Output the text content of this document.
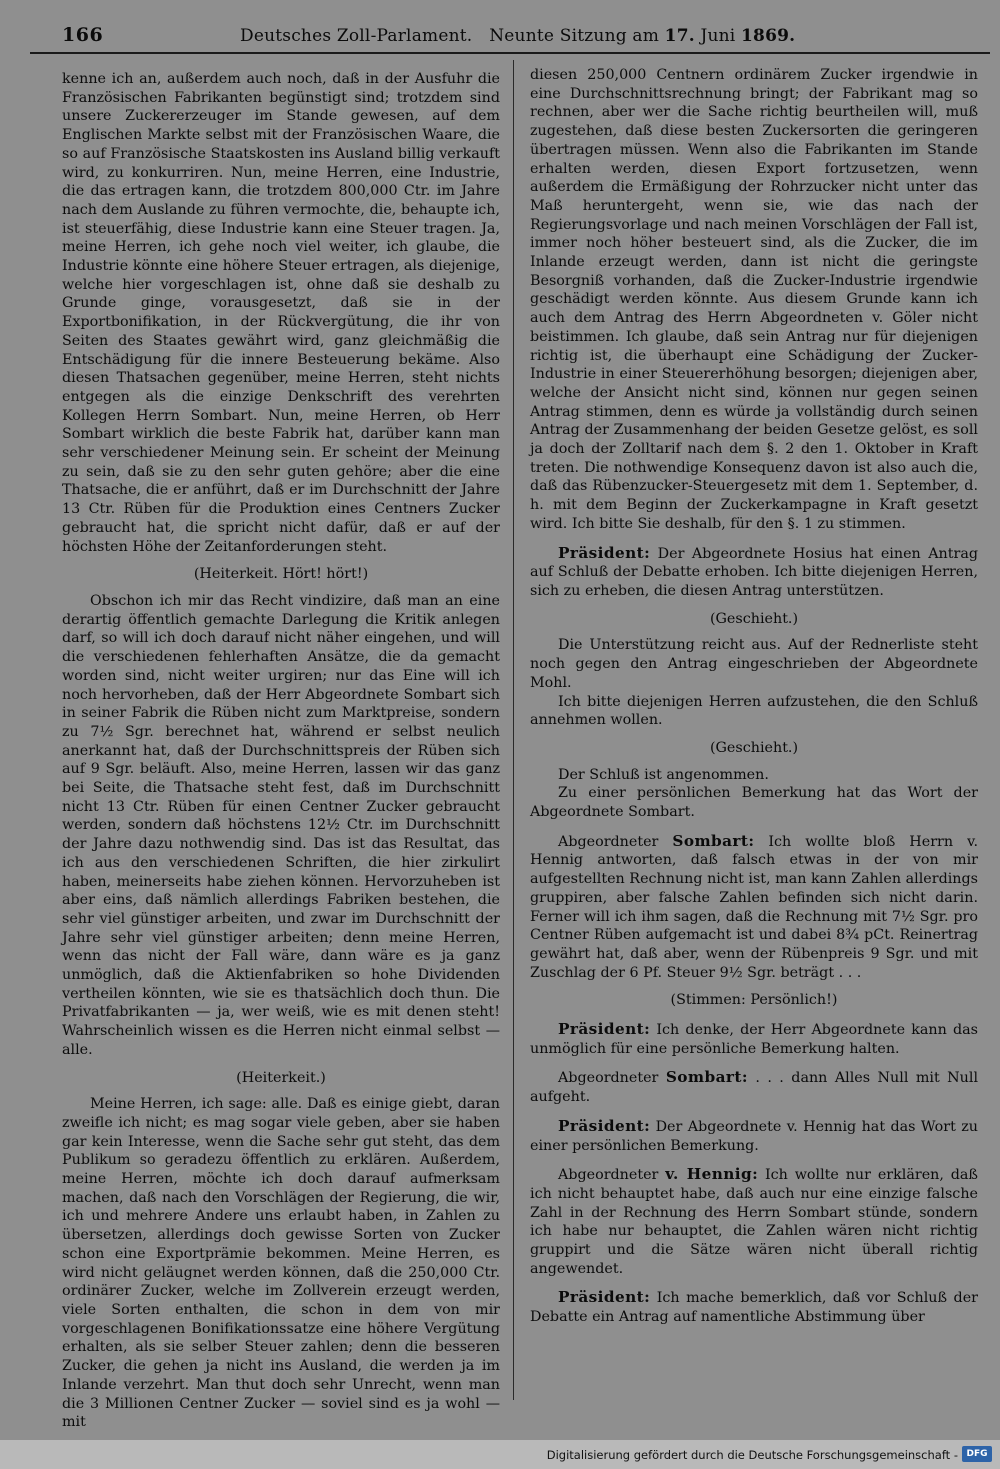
166	Deutsches Zoll-Parlament. Neunte Sitzung am 17. Juni 1869.

kenne ich an, außerdem auch noch, daß in der Ausfuhr die Französischen Fabrikanten begünstigt sind; trotzdem sind unsere Zuckererzeuger im Stande gewesen, auf dem Englischen Markte selbst mit der Französischen Waare, die so auf Französische Staatskosten ins Ausland billig verkauft wird, zu konkurriren. Nun, meine Herren, eine Industrie, die das ertragen kann, die trotzdem 800,000 Ctr. im Jahre nach dem Auslande zu führen vermochte, die, behaupte ich, ist steuerfähig, diese Industrie kann eine Steuer tragen. Ja, meine Herren, ich gehe noch viel weiter, ich glaube, die Industrie könnte eine höhere Steuer ertragen, als diejenige, welche hier vorgeschlagen ist, ohne daß sie deshalb zu Grunde ginge, vorausgesetzt, daß sie in der Exportbonifikation, in der Rückvergütung, die ihr von Seiten des Staates gewährt wird, ganz gleichmäßig die Entschädigung für die innere Besteuerung bekäme. Also diesen Thatsachen gegenüber, meine Herren, steht nichts entgegen als die einzige Denkschrift des verehrten Kollegen Herrn Sombart. Nun, meine Herren, ob Herr Sombart wirklich die beste Fabrik hat, darüber kann man sehr verschiedener Meinung sein. Er scheint der Meinung zu sein, daß sie zu den sehr guten gehöre; aber die eine Thatsache, die er anführt, daß er im Durchschnitt der Jahre 13 Ctr. Rüben für die Produktion eines Centners Zucker gebraucht hat, die spricht nicht dafür, daß er auf der höchsten Höhe der Zeitanforderungen steht.

(Heiterkeit. Hört! hört!)

Obschon ich mir das Recht vindizire, daß man an eine derartig öffentlich gemachte Darlegung die Kritik anlegen darf, so will ich doch darauf nicht näher eingehen, und will die verschiedenen fehlerhaften Ansätze, die da gemacht worden sind, nicht weiter urgiren; nur das Eine will ich noch hervorheben, daß der Herr Abgeordnete Sombart sich in seiner Fabrik die Rüben nicht zum Marktpreise, sondern zu 7½ Sgr. berechnet hat, während er selbst neulich anerkannt hat, daß der Durchschnittspreis der Rüben sich auf 9 Sgr. beläuft. Also, meine Herren, lassen wir das ganz bei Seite, die Thatsache steht fest, daß im Durchschnitt nicht 13 Ctr. Rüben für einen Centner Zucker gebraucht werden, sondern daß höchstens 12½ Ctr. im Durchschnitt der Jahre dazu nothwendig sind. Das ist das Resultat, das ich aus den verschiedenen Schriften, die hier zirkulirt haben, meinerseits habe ziehen können. Hervorzuheben ist aber eins, daß nämlich allerdings Fabriken bestehen, die sehr viel günstiger arbeiten, und zwar im Durchschnitt der Jahre sehr viel günstiger arbeiten; denn meine Herren, wenn das nicht der Fall wäre, dann wäre es ja ganz unmöglich, daß die Aktienfabriken so hohe Dividenden vertheilen könnten, wie sie es thatsächlich doch thun. Die Privatfabrikanten — ja, wer weiß, wie es mit denen steht! Wahrscheinlich wissen es die Herren nicht einmal selbst — alle.

(Heiterkeit.)

Meine Herren, ich sage: alle. Daß es einige giebt, daran zweifle ich nicht; es mag sogar viele geben, aber sie haben gar kein Interesse, wenn die Sache sehr gut steht, das dem Publikum so geradezu öffentlich zu erklären. Außerdem, meine Herren, möchte ich doch darauf aufmerksam machen, daß nach den Vorschlägen der Regierung, die wir, ich und mehrere Andere uns erlaubt haben, in Zahlen zu übersetzen, allerdings doch gewisse Sorten von Zucker schon eine Exportprämie bekommen. Meine Herren, es wird nicht geläugnet werden können, daß die 250,000 Ctr. ordinärer Zucker, welche im Zollverein erzeugt werden, viele Sorten enthalten, die schon in dem von mir vorgeschlagenen Bonifikationssatze eine höhere Vergütung erhalten, als sie selber Steuer zahlen; denn die besseren Zucker, die gehen ja nicht ins Ausland, die werden ja im Inlande verzehrt. Man thut doch sehr Unrecht, wenn man die 3 Millionen Centner Zucker — soviel sind es ja wohl — mit

diesen 250,000 Centnern ordinärem Zucker irgendwie in eine Durchschnittsrechnung bringt; der Fabrikant mag so rechnen, aber wer die Sache richtig beurtheilen will, muß zugestehen, daß diese besten Zuckersorten die geringeren übertragen müssen. Wenn also die Fabrikanten im Stande erhalten werden, diesen Export fortzusetzen, wenn außerdem die Ermäßigung der Rohrzucker nicht unter das Maß heruntergeht, wenn sie, wie das nach der Regierungsvorlage und nach meinen Vorschlägen der Fall ist, immer noch höher besteuert sind, als die Zucker, die im Inlande erzeugt werden, dann ist nicht die geringste Besorgniß vorhanden, daß die Zucker-Industrie irgendwie geschädigt werden könnte. Aus diesem Grunde kann ich auch dem Antrag des Herrn Abgeordneten v. Göler nicht beistimmen. Ich glaube, daß sein Antrag nur für diejenigen richtig ist, die überhaupt eine Schädigung der Zucker-Industrie in einer Steuererhöhung besorgen; diejenigen aber, welche der Ansicht nicht sind, können nur gegen seinen Antrag stimmen, denn es würde ja vollständig durch seinen Antrag der Zusammenhang der beiden Gesetze gelöst, es soll ja doch der Zolltarif nach dem §. 2 den 1. Oktober in Kraft treten. Die nothwendige Konsequenz davon ist also auch die, daß das Rübenzucker-Steuergesetz mit dem 1. September, d. h. mit dem Beginn der Zuckerkampagne in Kraft gesetzt wird. Ich bitte Sie deshalb, für den §. 1 zu stimmen.

Präsident: Der Abgeordnete Hosius hat einen Antrag auf Schluß der Debatte erhoben. Ich bitte diejenigen Herren, sich zu erheben, die diesen Antrag unterstützen.

(Geschieht.)

Die Unterstützung reicht aus. Auf der Rednerliste steht noch gegen den Antrag eingeschrieben der Abgeordnete Mohl.

Ich bitte diejenigen Herren aufzustehen, die den Schluß annehmen wollen.

(Geschieht.)

Der Schluß ist angenommen.

Zu einer persönlichen Bemerkung hat das Wort der Abgeordnete Sombart.

Abgeordneter Sombart: Ich wollte bloß Herrn v. Hennig antworten, daß falsch etwas in der von mir aufgestellten Rechnung nicht ist, man kann Zahlen allerdings gruppiren, aber falsche Zahlen befinden sich nicht darin. Ferner will ich ihm sagen, daß die Rechnung mit 7½ Sgr. pro Centner Rüben aufgemacht ist und dabei 8¾ pCt. Reinertrag gewährt hat, daß aber, wenn der Rübenpreis 9 Sgr. und mit Zuschlag der 6 Pf. Steuer 9½ Sgr. beträgt . . .

(Stimmen: Persönlich!)

Präsident: Ich denke, der Herr Abgeordnete kann das unmöglich für eine persönliche Bemerkung halten.

Abgeordneter Sombart: . . . dann Alles Null mit Null aufgeht.

Präsident: Der Abgeordnete v. Hennig hat das Wort zu einer persönlichen Bemerkung.

Abgeordneter v. Hennig: Ich wollte nur erklären, daß ich nicht behauptet habe, daß auch nur eine einzige falsche Zahl in der Rechnung des Herrn Sombart stünde, sondern ich habe nur behauptet, die Zahlen wären nicht richtig gruppirt und die Sätze wären nicht überall richtig angewendet.

Präsident: Ich mache bemerklich, daß vor Schluß der Debatte ein Antrag auf namentliche Abstimmung über

Digitalisierung gefördert durch die Deutsche Forschungsgemeinschaft - DFG
